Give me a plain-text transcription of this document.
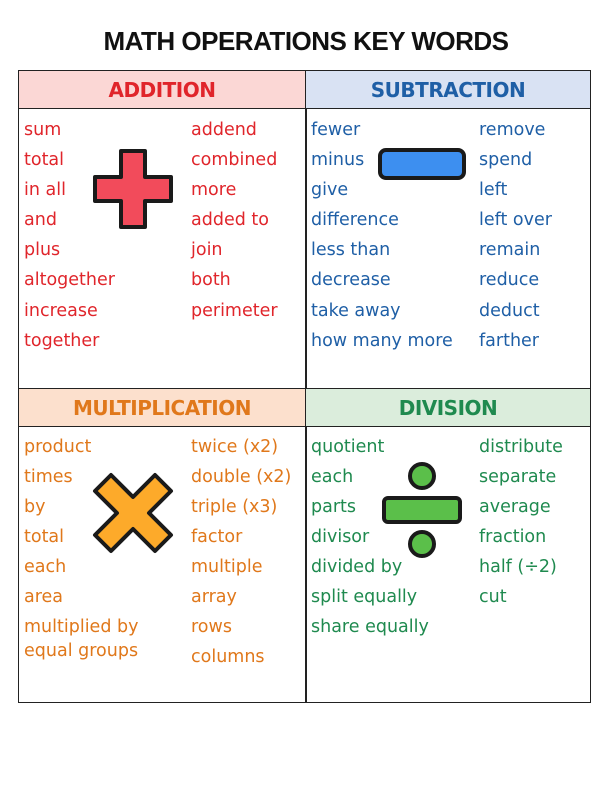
MATH OPERATIONS KEY WORDS
ADDITION
sum
total
in all
and
plus
altogether
increase
together
addend
combined
more
added to
join
both
perimeter
SUBTRACTION
fewer
minus
give
difference
less than
decrease
take away
how many more
remove
spend
left
left over
remain
reduce
deduct
farther
MULTIPLICATION
product
times
by
total
each
area
multiplied by
equal groups
twice (x2)
double (x2)
triple (x3)
factor
multiple
array
rows
columns
DIVISION
quotient
each
parts
divisor
divided by
split equally
share equally
distribute
separate
average
fraction
half (÷2)
cut
